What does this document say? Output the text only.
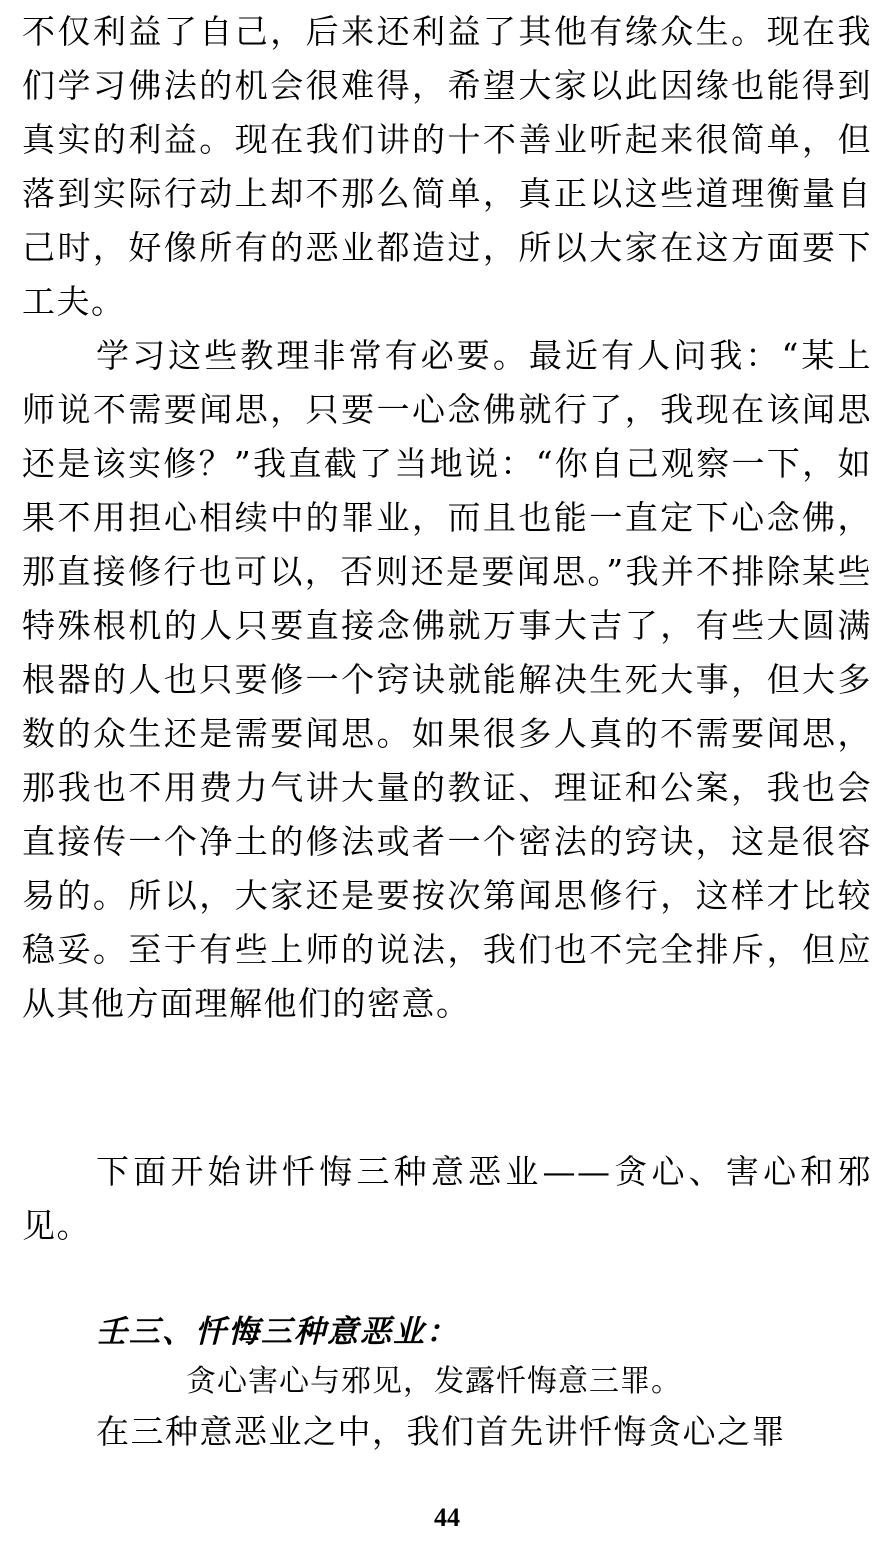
不仅利益了自己，后来还利益了其他有缘众生。现在我们学习佛法的机会很难得，希望大家以此因缘也能得到真实的利益。现在我们讲的十不善业听起来很简单，但落到实际行动上却不那么简单，真正以这些道理衡量自己时，好像所有的恶业都造过，所以大家在这方面要下工夫。

学习这些教理非常有必要。最近有人问我：“某上师说不需要闻思，只要一心念佛就行了，我现在该闻思还是该实修？”我直截了当地说：“你自己观察一下，如果不用担心相续中的罪业，而且也能一直定下心念佛，那直接修行也可以，否则还是要闻思。”我并不排除某些特殊根机的人只要直接念佛就万事大吉了，有些大圆满根器的人也只要修一个窍诀就能解决生死大事，但大多数的众生还是需要闻思。如果很多人真的不需要闻思，那我也不用费力气讲大量的教证、理证和公案，我也会直接传一个净土的修法或者一个密法的窍诀，这是很容易的。所以，大家还是要按次第闻思修行，这样才比较稳妥。至于有些上师的说法，我们也不完全排斥，但应从其他方面理解他们的密意。

下面开始讲忏悔三种意恶业——贪心、害心和邪见。

壬三、忏悔三种意恶业：

贪心害心与邪见，发露忏悔意三罪。

在三种意恶业之中，我们首先讲忏悔贪心之罪

44
